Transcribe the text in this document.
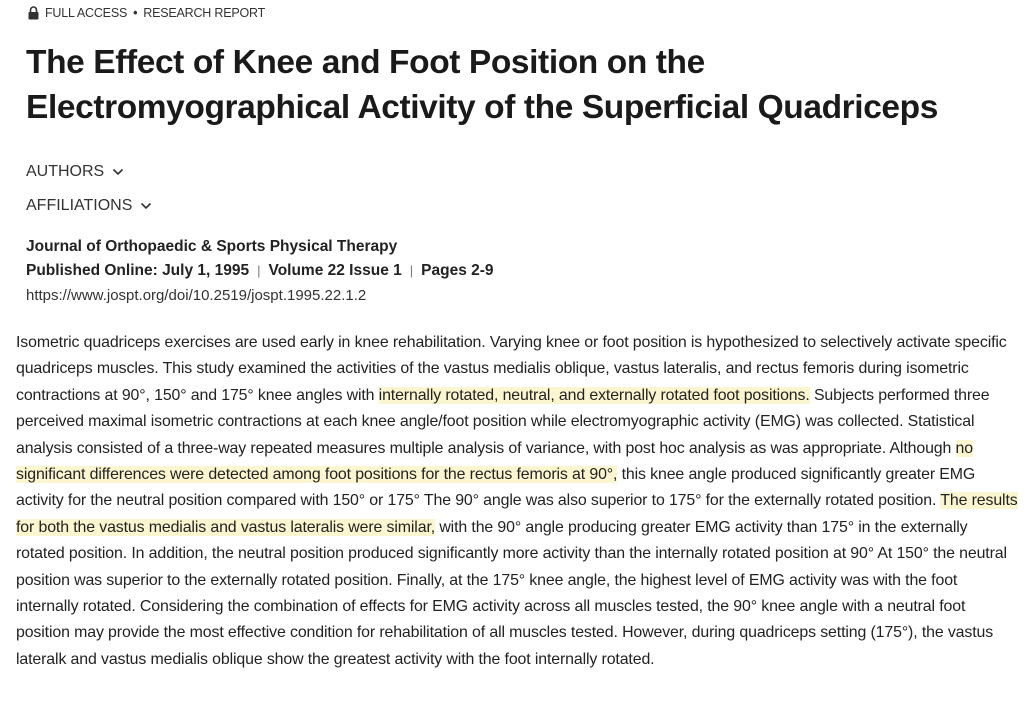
FULL ACCESS • RESEARCH REPORT
The Effect of Knee and Foot Position on the Electromyographical Activity of the Superficial Quadriceps
AUTHORS
AFFILIATIONS
Journal of Orthopaedic & Sports Physical Therapy
Published Online: July 1, 1995 | Volume 22 Issue 1 | Pages 2-9
https://www.jospt.org/doi/10.2519/jospt.1995.22.1.2

Isometric quadriceps exercises are used early in knee rehabilitation. Varying knee or foot position is hypothesized to selectively activate specific quadriceps muscles. This study examined the activities of the vastus medialis oblique, vastus lateralis, and rectus femoris during isometric contractions at 90°, 150° and 175° knee angles with internally rotated, neutral, and externally rotated foot positions. Subjects performed three perceived maximal isometric contractions at each knee angle/foot position while electromyographic activity (EMG) was collected. Statistical analysis consisted of a three-way repeated measures multiple analysis of variance, with post hoc analysis as was appropriate. Although no significant differences were detected among foot positions for the rectus femoris at 90°, this knee angle produced significantly greater EMG activity for the neutral position compared with 150° or 175° The 90° angle was also superior to 175° for the externally rotated position. The results for both the vastus medialis and vastus lateralis were similar, with the 90° angle producing greater EMG activity than 175° in the externally rotated position. In addition, the neutral position produced significantly more activity than the internally rotated position at 90° At 150° the neutral position was superior to the externally rotated position. Finally, at the 175° knee angle, the highest level of EMG activity was with the foot internally rotated. Considering the combination of effects for EMG activity across all muscles tested, the 90° knee angle with a neutral foot position may provide the most effective condition for rehabilitation of all muscles tested. However, during quadriceps setting (175°), the vastus lateralk and vastus medialis oblique show the greatest activity with the foot internally rotated.
